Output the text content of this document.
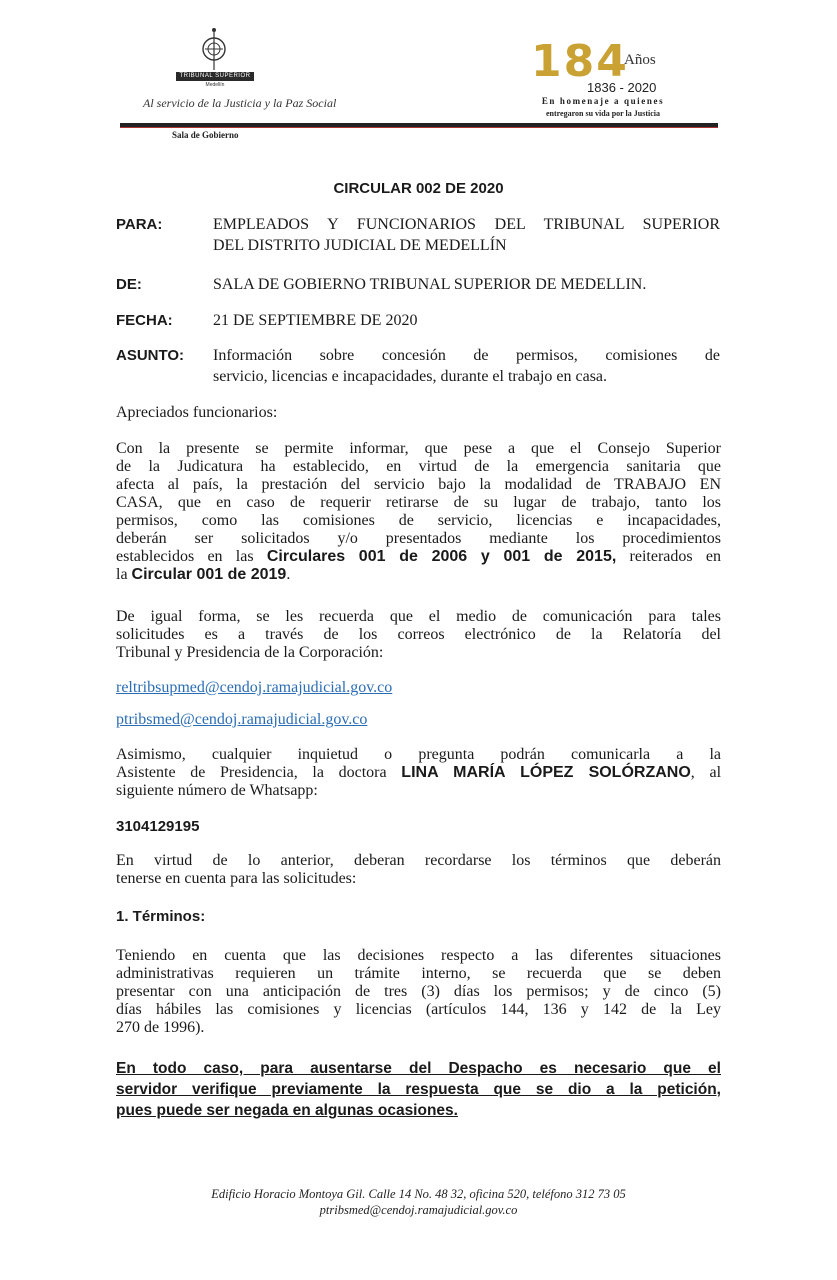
TRIBUNAL SUPERIOR
Medellín
Al servicio de la Justicia y la Paz Social
184
Años
1836 - 2020
En homenaje a quienes
entregaron su vida por la Justicia
Sala de Gobierno
CIRCULAR 002 DE 2020
PARA:	EMPLEADOS Y FUNCIONARIOS DEL TRIBUNAL SUPERIOR
DEL DISTRITO JUDICIAL DE MEDELLÍN
DE:	SALA DE GOBIERNO TRIBUNAL SUPERIOR DE MEDELLIN.
FECHA:	21 DE SEPTIEMBRE DE 2020
ASUNTO: Información sobre concesión de permisos, comisiones de
servicio, licencias e incapacidades, durante el trabajo en casa.
Apreciados funcionarios:
Con la presente se permite informar, que pese a que el Consejo Superior
de la Judicatura ha establecido, en virtud de la emergencia sanitaria que
afecta al país, la prestación del servicio bajo la modalidad de TRABAJO EN
CASA, que en caso de requerir retirarse de su lugar de trabajo, tanto los
permisos, como las comisiones de servicio, licencias e incapacidades,
deberán ser solicitados y/o presentados mediante los procedimientos
establecidos en las Circulares 001 de 2006 y 001 de 2015, reiterados en
la Circular 001 de 2019.
De igual forma, se les recuerda que el medio de comunicación para tales
solicitudes es a través de los correos electrónico de la Relatoría del
Tribunal y Presidencia de la Corporación:
reltribsupmed@cendoj.ramajudicial.gov.co
ptribsmed@cendoj.ramajudicial.gov.co
Asimismo, cualquier inquietud o pregunta podrán comunicarla a la
Asistente de Presidencia, la doctora LINA MARÍA LÓPEZ SOLÓRZANO, al
siguiente número de Whatsapp:
3104129195
En virtud de lo anterior, deberan recordarse los términos que deberán
tenerse en cuenta para las solicitudes:
1. Términos:
Teniendo en cuenta que las decisiones respecto a las diferentes situaciones
administrativas requieren un trámite interno, se recuerda que se deben
presentar con una anticipación de tres (3) días los permisos; y de cinco (5)
días hábiles las comisiones y licencias (artículos 144, 136 y 142 de la Ley
270 de 1996).
En todo caso, para ausentarse del Despacho es necesario que el
servidor verifique previamente la respuesta que se dio a la petición,
pues puede ser negada en algunas ocasiones.
Edificio Horacio Montoya Gil. Calle 14 No. 48 32, oficina 520, teléfono 312 73 05
ptribsmed@cendoj.ramajudicial.gov.co
